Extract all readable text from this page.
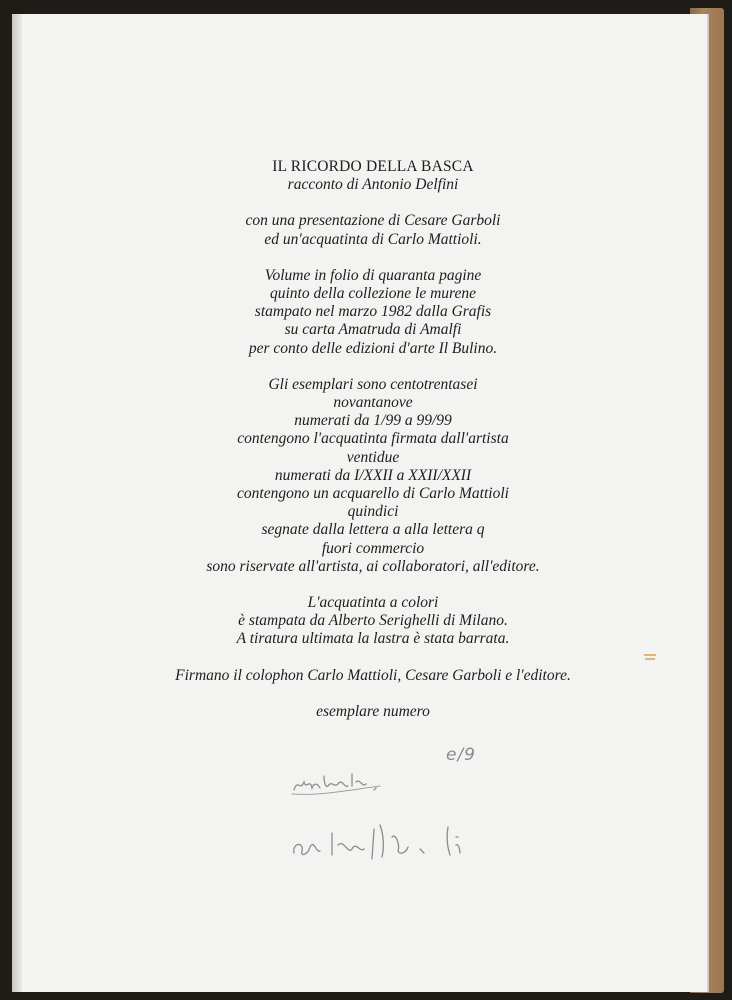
IL RICORDO DELLA BASCA

racconto di Antonio Delfini

con una presentazione di Cesare Garboli

ed un'acquatinta di Carlo Mattioli.

Volume in folio di quaranta pagine

quinto della collezione le murene

stampato nel marzo 1982 dalla Grafis

su carta Amatruda di Amalfi

per conto delle edizioni d'arte Il Bulino.

Gli esemplari sono centotrentasei

novantanove

numerati da 1/99 a 99/99

contengono l'acquatinta firmata dall'artista

ventidue

numerati da I/XXII a XXII/XXII

contengono un acquarello di Carlo Mattioli

quindici

segnate dalla lettera a alla lettera q

fuori commercio

sono riservate all'artista, ai collaboratori, all'editore.

L'acquatinta a colori

è stampata da Alberto Serighelli di Milano.

A tiratura ultimata la lastra è stata barrata.

Firmano il colophon Carlo Mattioli, Cesare Garboli e l'editore.

esemplare numero

e/9
